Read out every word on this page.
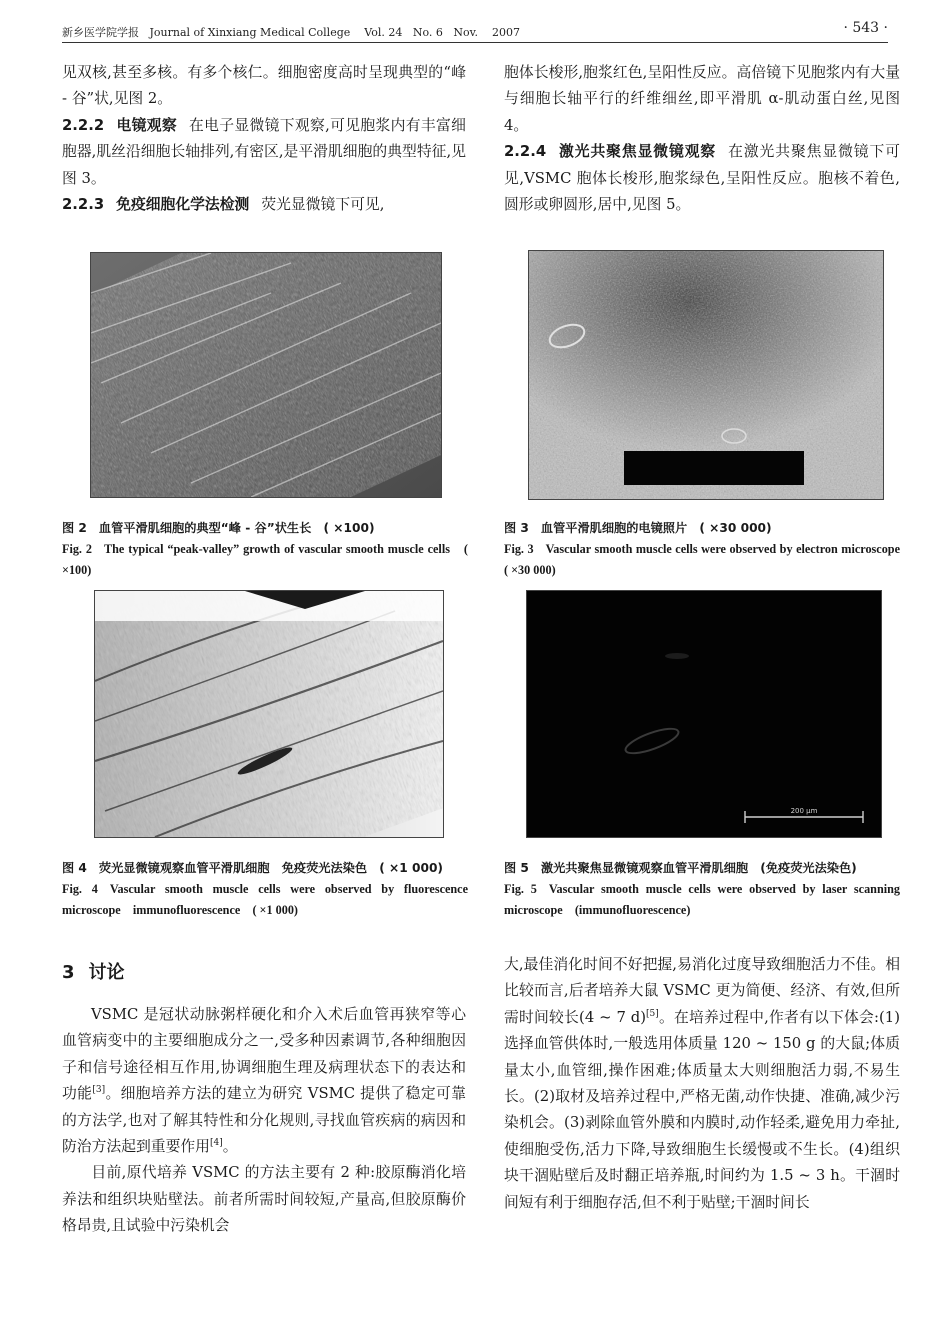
新乡医学院学报 Journal of Xinxiang Medical College Vol. 24 No. 6 Nov. 2007	· 543 ·
见双核,甚至多核。有多个核仁。细胞密度高时呈现典型的“峰 - 谷”状,见图 2。
2.2.2 电镜观察 在电子显微镜下观察,可见胞浆内有丰富细胞器,肌丝沿细胞长轴排列,有密区,是平滑肌细胞的典型特征,见图 3。
2.2.3 免疫细胞化学法检测 荧光显微镜下可见,
胞体长梭形,胞浆红色,呈阳性反应。高倍镜下见胞浆内有大量与细胞长轴平行的纤维细丝,即平滑肌 α-肌动蛋白丝,见图 4。
2.2.4 激光共聚焦显微镜观察 在激光共聚焦显微镜下可见,VSMC 胞体长梭形,胞浆绿色,呈阳性反应。胞核不着色,圆形或卵圆形,居中,见图 5。
图 2 血管平滑肌细胞的典型“峰 - 谷”状生长　( ×100)
Fig. 2 The typical “peak-valley” growth of vascular smooth muscle cells　( ×100)
图 3 血管平滑肌细胞的电镜照片　( ×30 000)
Fig. 3 Vascular smooth muscle cells were observed by electron microscope　( ×30 000)
200 μm
图 4 荧光显微镜观察血管平滑肌细胞　免疫荧光法染色　( ×1 000)
Fig. 4 Vascular smooth muscle cells were observed by fluorescence microscope　immunofluorescence　( ×1 000)
图 5 激光共聚焦显微镜观察血管平滑肌细胞　(免疫荧光法染色)
Fig. 5 Vascular smooth muscle cells were observed by laser scanning microscope　(immunofluorescence)
3 讨论
VSMC 是冠状动脉粥样硬化和介入术后血管再狭窄等心血管病变中的主要细胞成分之一,受多种因素调节,各种细胞因子和信号途径相互作用,协调细胞生理及病理状态下的表达和功能[3]。细胞培养方法的建立为研究 VSMC 提供了稳定可靠的方法学,也对了解其特性和分化规则,寻找血管疾病的病因和防治方法起到重要作用[4]。
目前,原代培养 VSMC 的方法主要有 2 种:胶原酶消化培养法和组织块贴壁法。前者所需时间较短,产量高,但胶原酶价格昂贵,且试验中污染机会
大,最佳消化时间不好把握,易消化过度导致细胞活力不佳。相比较而言,后者培养大鼠 VSMC 更为简便、经济、有效,但所需时间较长(4 ~ 7 d)[5]。在培养过程中,作者有以下体会:(1)选择血管供体时,一般选用体质量 120 ~ 150 g 的大鼠;体质量太小,血管细,操作困难;体质量太大则细胞活力弱,不易生长。(2)取材及培养过程中,严格无菌,动作快捷、准确,减少污染机会。(3)剥除血管外膜和内膜时,动作轻柔,避免用力牵扯,使细胞受伤,活力下降,导致细胞生长缓慢或不生长。(4)组织块干涸贴壁后及时翻正培养瓶,时间约为 1.5 ~ 3 h。干涸时间短有利于细胞存活,但不利于贴壁;干涸时间长
